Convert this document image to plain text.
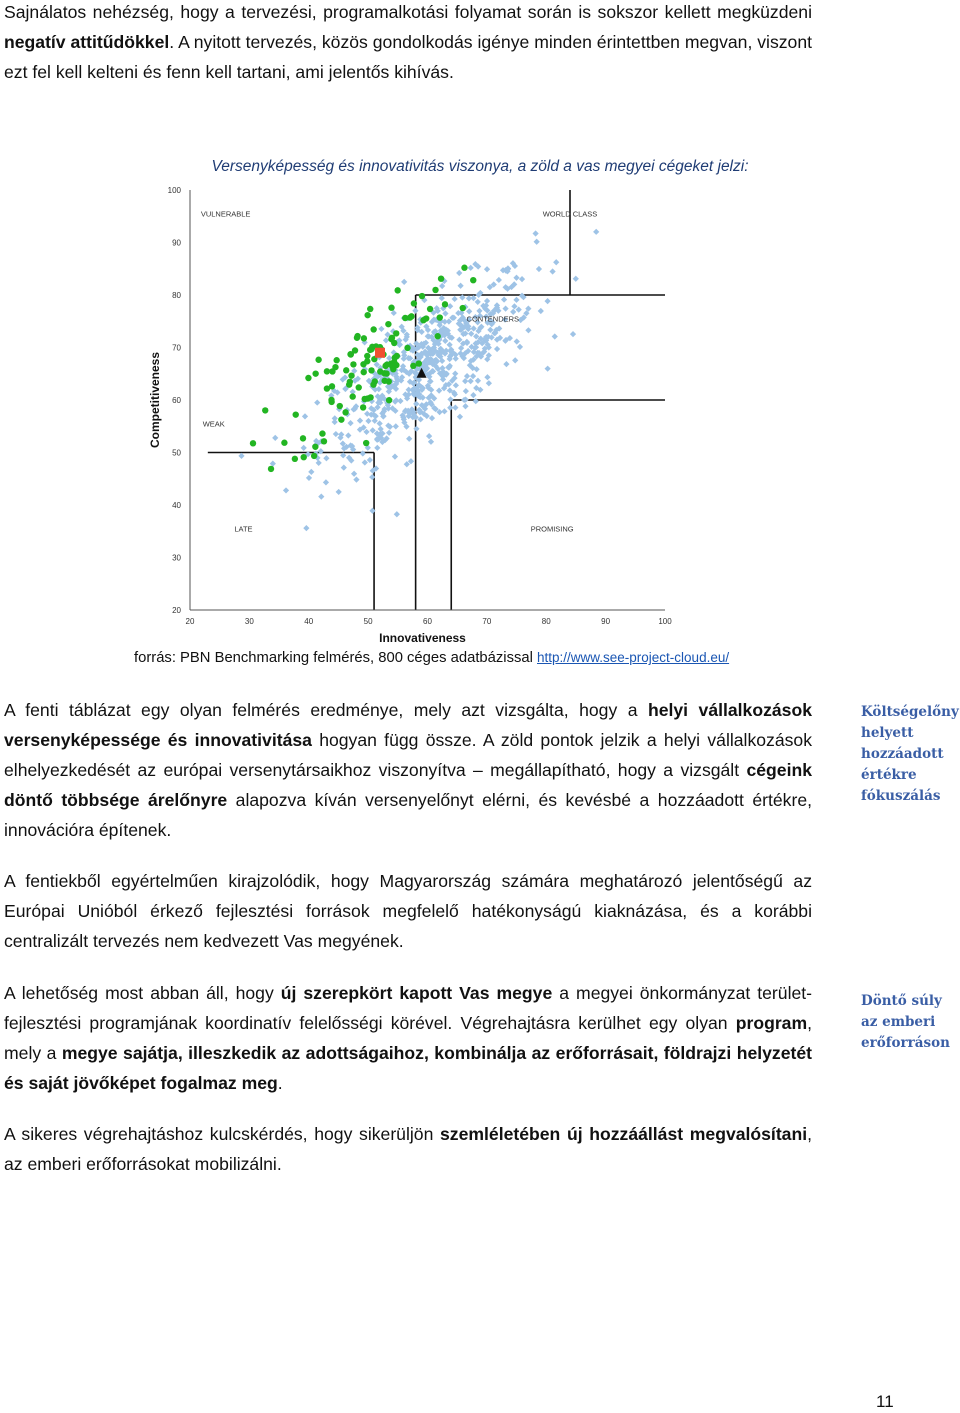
Sajnálatos nehézség, hogy a tervezési, programalkotási folyamat során is sokszor kellett megküzdeni negatív attitűdökkel. A nyitott tervezés, közös gondolkodás igénye minden érintettben megvan, viszont ezt fel kell kelteni és fenn kell tartani, ami jelentős kihívás.

Versenyképesség és innovativitás viszonya, a zöld a vas megyei cégeket jelzi:

20
30
40
50
60
70
80
90
100
20	30	40	50	60	70	80	90	100
Innovativeness
Competitiveness
VULNERABLE	WORLD CLASS
CONTENDERS
WEAK
LATE	PROMISING

forrás: PBN Benchmarking felmérés, 800 céges adatbázissal http://www.see-project-cloud.eu/

A fenti táblázat egy olyan felmérés eredménye, mely azt vizsgálta, hogy a helyi vállalkozások versenyképessége és innovativitása hogyan függ össze. A zöld pontok jelzik a helyi vállalkozások elhelyezkedését az európai versenytársaikhoz viszonyítva – megállapítható, hogy a vizsgált cégeink döntő többsége árelőnyre alapozva kíván versenyelőnyt elérni, és kevésbé a hozzáadott értékre, innovációra építenek.

Költségelőny helyett hozzáadott értékre fókuszálás

A fentiekből egyértelműen kirajzolódik, hogy Magyarország számára meghatározó jelentőségű az Európai Unióból érkező fejlesztési források megfelelő hatékonyságú kiaknázása, és a korábbi centralizált tervezés nem kedvezett Vas megyének.

A lehetőség most abban áll, hogy új szerepkört kapott Vas megye a megyei önkormányzat terület-fejlesztési programjának koordinatív felelősségi körével. Végrehajtásra kerülhet egy olyan program, mely a megye sajátja, illeszkedik az adottságaihoz, kombinálja az erőforrásait, földrajzi helyzetét és saját jövőképet fogalmaz meg.

Döntő súly az emberi erőforráson

A sikeres végrehajtáshoz kulcskérdés, hogy sikerüljön szemléletében új hozzáállást megvalósítani, az emberi erőforrásokat mobilizálni.

11
